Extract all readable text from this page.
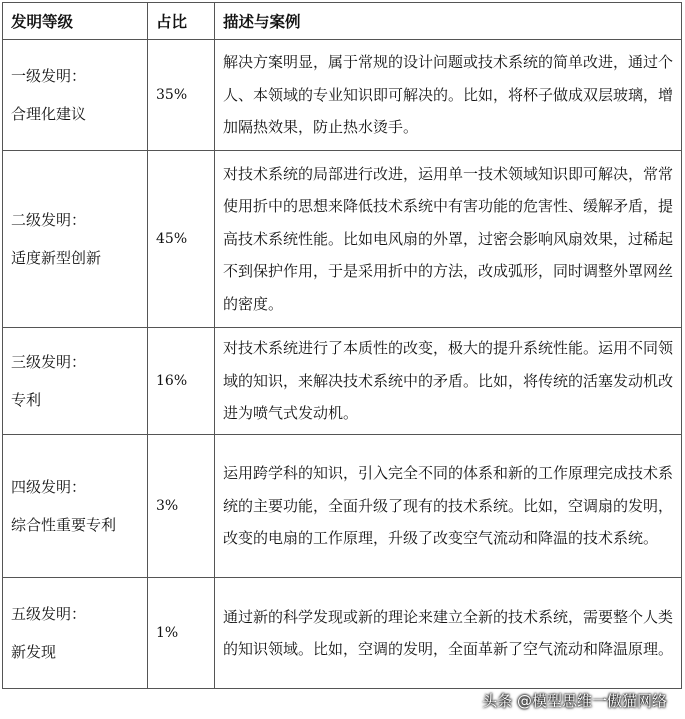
发明等级	占比	描述与案例

一级发明：
合理化建议	35%	解决方案明显，属于常规的设计问题或技术系统的简单改进，通过个人、本领域的专业知识即可解决的。比如，将杯子做成双层玻璃，增加隔热效果，防止热水烫手。

二级发明：
适度新型创新	45%	对技术系统的局部进行改进，运用单一技术领域知识即可解决，常常使用折中的思想来降低技术系统中有害功能的危害性、缓解矛盾，提高技术系统性能。比如电风扇的外罩，过密会影响风扇效果，过稀起不到保护作用，于是采用折中的方法，改成弧形，同时调整外罩网丝的密度。

三级发明：
专利	16%	对技术系统进行了本质性的改变，极大的提升系统性能。运用不同领域的知识，来解决技术系统中的矛盾。比如，将传统的活塞发动机改进为喷气式发动机。

四级发明：
综合性重要专利	3%	运用跨学科的知识，引入完全不同的体系和新的工作原理完成技术系统的主要功能，全面升级了现有的技术系统。比如，空调扇的发明，改变的电扇的工作原理，升级了改变空气流动和降温的技术系统。

五级发明：
新发现	1%	通过新的科学发现或新的理论来建立全新的技术系统，需要整个人类的知识领域。比如，空调的发明，全面革新了空气流动和降温原理。
头条 @模型思维一傲猫网络
